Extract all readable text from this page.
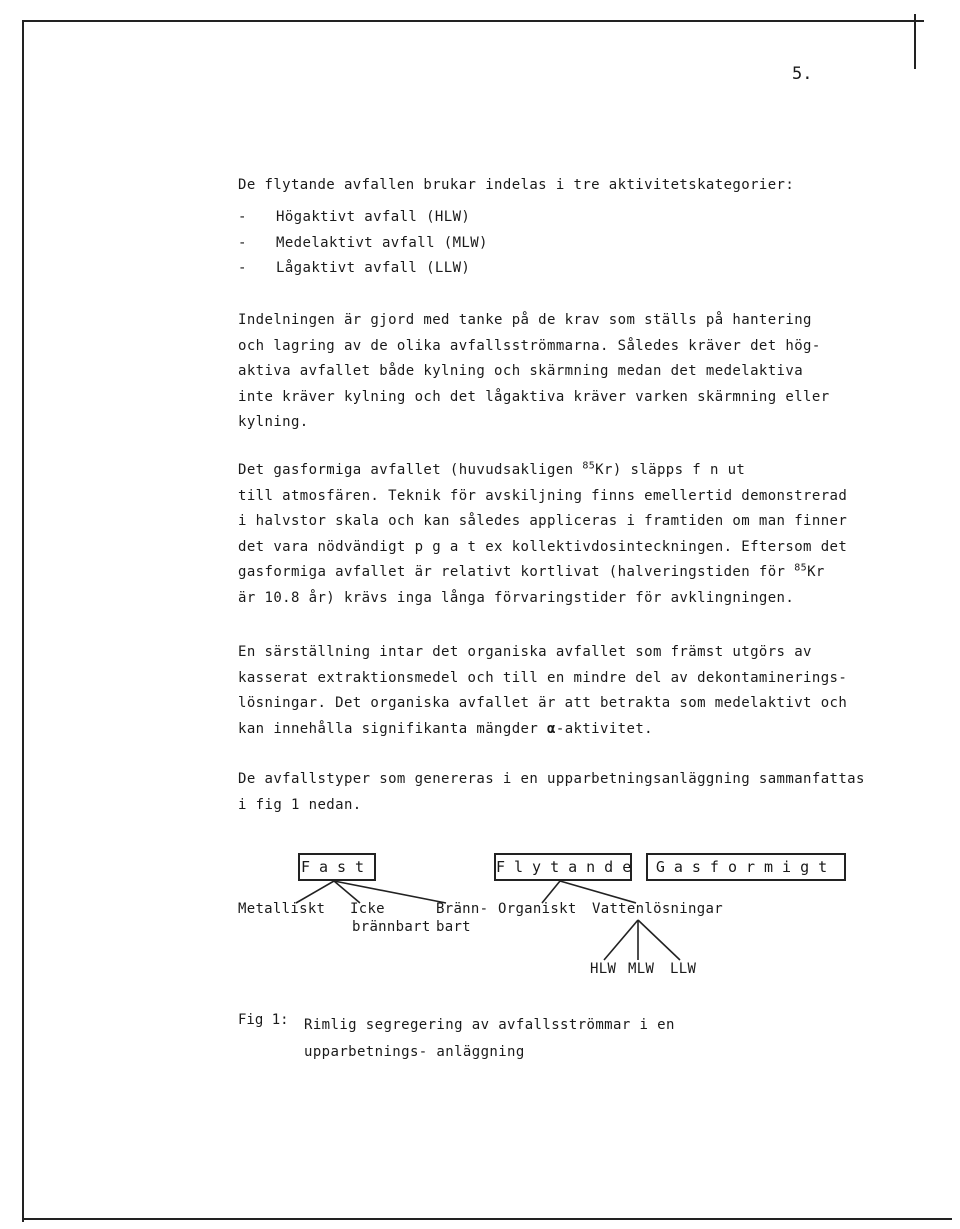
5.
De flytande avfallen brukar indelas i tre aktivitetskategorier:
-	Högaktivt avfall (HLW)
-	Medelaktivt avfall (MLW)
-	Lågaktivt avfall (LLW)

Indelningen är gjord med tanke på de krav som ställs på hantering

och lagring av de olika avfallsströmmarna. Således kräver det hög-

aktiva avfallet både kylning och skärmning medan det medelaktiva

inte kräver kylning och det lågaktiva kräver varken skärmning eller

kylning.

Det gasformiga avfallet (huvudsakligen $^{85}$Kr) släpps f n ut

till atmosfären. Teknik för avskiljning finns emellertid demonstrerad

i halvstor skala och kan således appliceras i framtiden om man finner

det vara nödvändigt p g a t ex kollektivdosinteckningen. Eftersom det

gasformiga avfallet är relativt kortlivat (halveringstiden för $^{85}$Kr

är 10.8 år) krävs inga långa förvaringstider för avklingningen.

En särställning intar det organiska avfallet som främst utgörs av

kasserat extraktionsmedel och till en mindre del av dekontaminerings-

lösningar. Det organiska avfallet är att betrakta som medelaktivt och

kan innehålla signifikanta mängder α-aktivitet.

De avfallstyper som genereras i en upparbetningsanläggning sammanfattas

i fig 1 nedan.

Fast	Flytande	Gasformigt
Metalliskt Icke
brännbart
Bränn-
bart
Organiskt Vattenlösningar
HLW MLW LLW
Fig 1: Rimlig segregering av avfallsströmmar i en upparbetnings- anläggning
